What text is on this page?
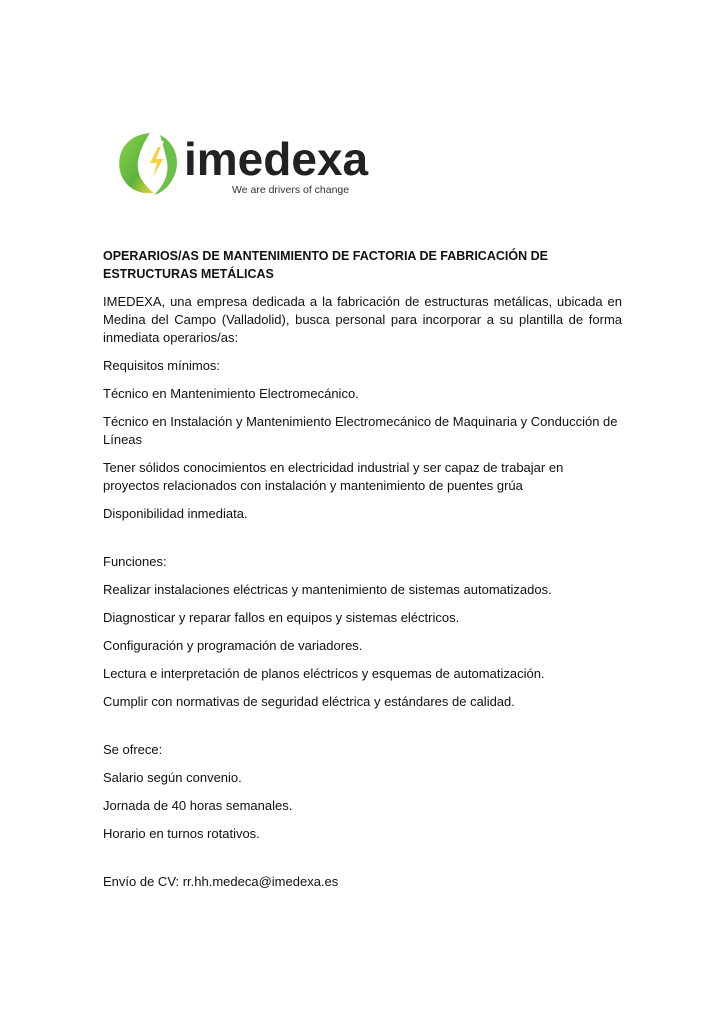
imedexa
We are drivers of change

OPERARIOS/AS DE MANTENIMIENTO DE FACTORIA DE FABRICACIÓN DE ESTRUCTURAS METÁLICAS

IMEDEXA, una empresa dedicada a la fabricación de estructuras metálicas, ubicada en Medina del Campo (Valladolid), busca personal para incorporar a su plantilla de forma inmediata operarios/as:

Requisitos mínimos:

Técnico en Mantenimiento Electromecánico.

Técnico en Instalación y Mantenimiento Electromecánico de Maquinaria y Conducción de Líneas

Tener sólidos conocimientos en electricidad industrial y ser capaz de trabajar en proyectos relacionados con instalación y mantenimiento de puentes grúa

Disponibilidad inmediata.

Funciones:

Realizar instalaciones eléctricas y mantenimiento de sistemas automatizados.

Diagnosticar y reparar fallos en equipos y sistemas eléctricos.

Configuración y programación de variadores.

Lectura e interpretación de planos eléctricos y esquemas de automatización.

Cumplir con normativas de seguridad eléctrica y estándares de calidad.

Se ofrece:

Salario según convenio.

Jornada de 40 horas semanales.

Horario en turnos rotativos.

Envío de CV: rr.hh.medeca@imedexa.es
